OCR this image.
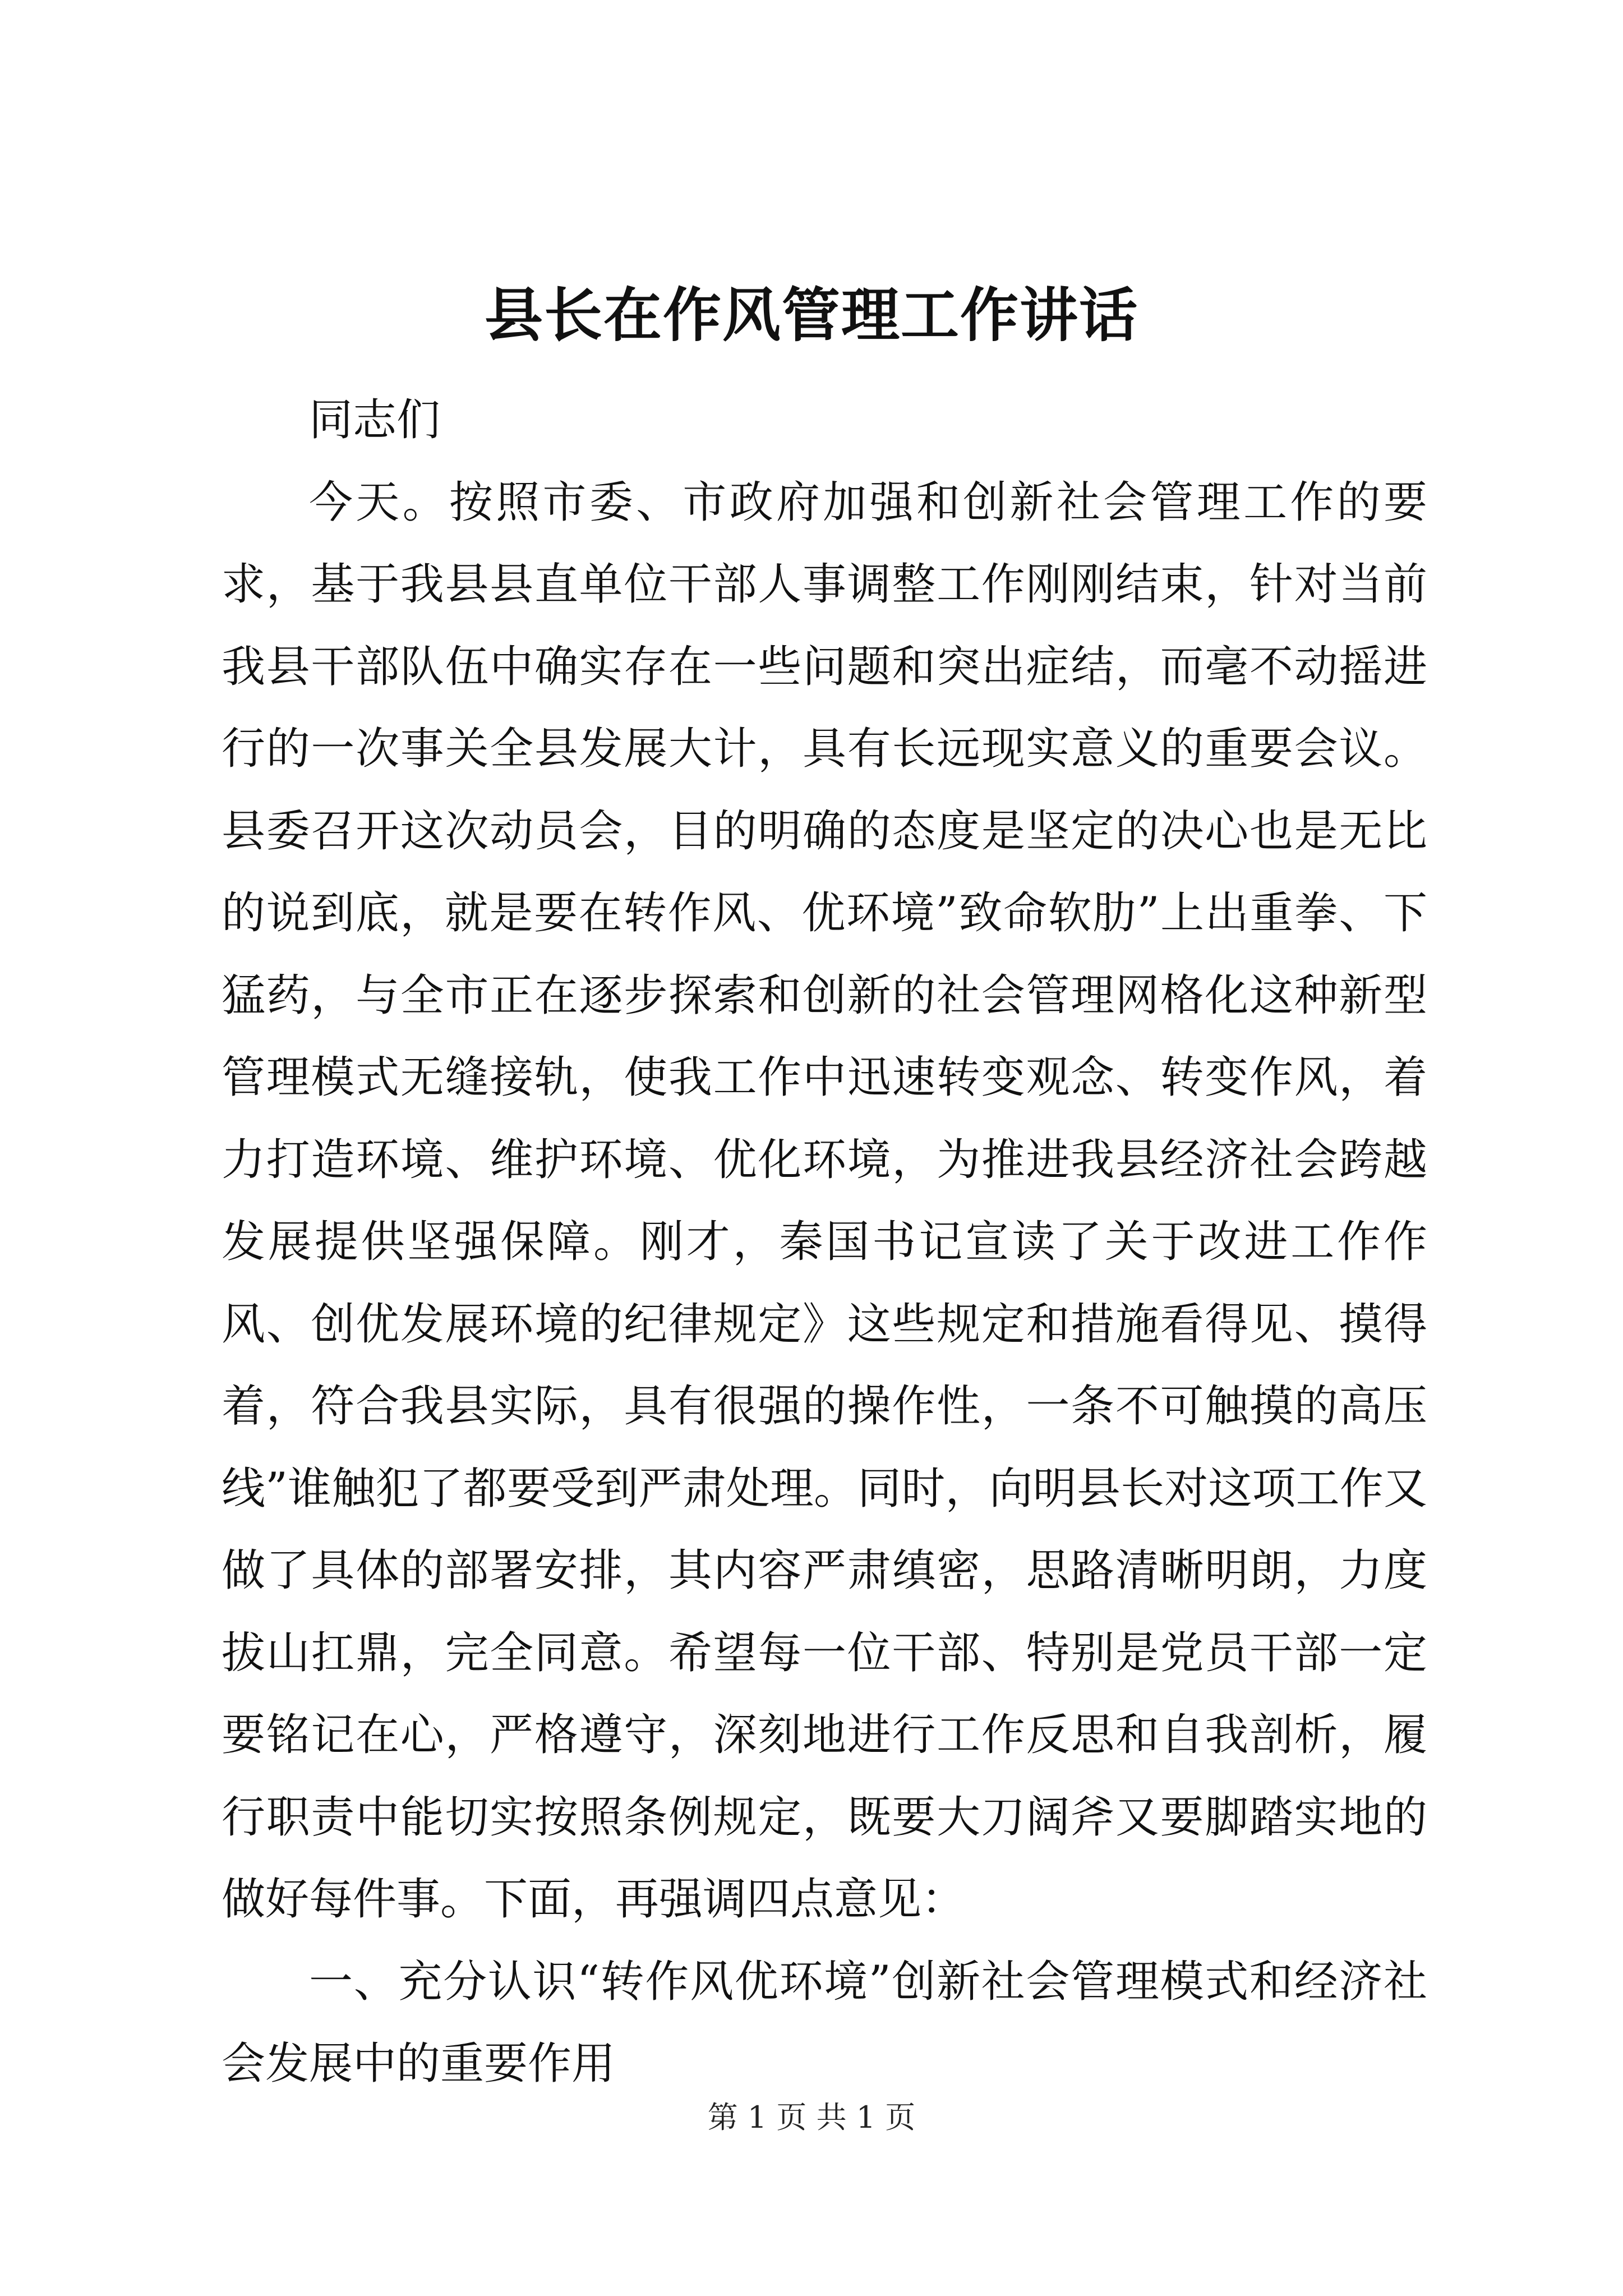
县长在作风管理工作讲话

同志们

今天。按照市委、市政府加强和创新社会管理工作的要求，基于我县县直单位干部人事调整工作刚刚结束，针对当前我县干部队伍中确实存在一些问题和突出症结，而毫不动摇进行的一次事关全县发展大计，具有长远现实意义的重要会议。县委召开这次动员会，目的明确的态度是坚定的决心也是无比的说到底，就是要在转作风、优环境”致命软肋”上出重拳、下猛药，与全市正在逐步探索和创新的社会管理网格化这种新型管理模式无缝接轨，使我工作中迅速转变观念、转变作风，着力打造环境、维护环境、优化环境，为推进我县经济社会跨越发展提供坚强保障。刚才，秦国书记宣读了关于改进工作作风、创优发展环境的纪律规定》这些规定和措施看得见、摸得着，符合我县实际，具有很强的操作性，一条不可触摸的高压线”谁触犯了都要受到严肃处理。同时，向明县长对这项工作又做了具体的部署安排，其内容严肃缜密，思路清晰明朗，力度拔山扛鼎，完全同意。希望每一位干部、特别是党员干部一定要铭记在心，严格遵守，深刻地进行工作反思和自我剖析，履行职责中能切实按照条例规定，既要大刀阔斧又要脚踏实地的做好每件事。下面，再强调四点意见：

一、充分认识“转作风优环境”创新社会管理模式和经济社会发展中的重要作用

第 1 页 共 1 页
